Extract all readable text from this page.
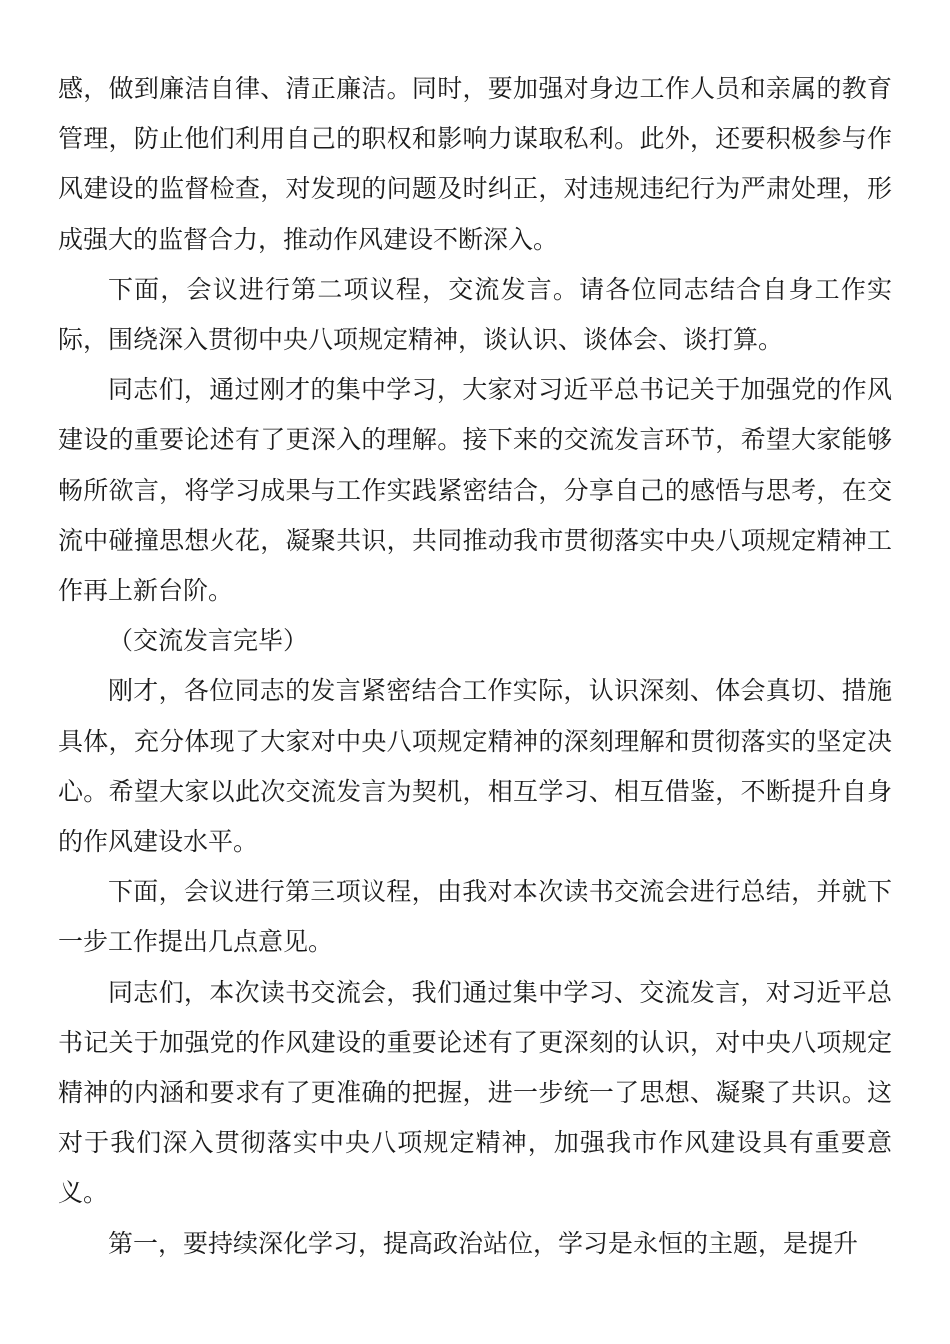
感，做到廉洁自律、清正廉洁。同时，要加强对身边工作人员和亲属的教育管理，防止他们利用自己的职权和影响力谋取私利。此外，还要积极参与作风建设的监督检查，对发现的问题及时纠正，对违规违纪行为严肃处理，形成强大的监督合力，推动作风建设不断深入。

下面，会议进行第二项议程，交流发言。请各位同志结合自身工作实际，围绕深入贯彻中央八项规定精神，谈认识、谈体会、谈打算。

同志们，通过刚才的集中学习，大家对习近平总书记关于加强党的作风建设的重要论述有了更深入的理解。接下来的交流发言环节，希望大家能够畅所欲言，将学习成果与工作实践紧密结合，分享自己的感悟与思考，在交流中碰撞思想火花，凝聚共识，共同推动我市贯彻落实中央八项规定精神工作再上新台阶。

（交流发言完毕）

刚才，各位同志的发言紧密结合工作实际，认识深刻、体会真切、措施具体，充分体现了大家对中央八项规定精神的深刻理解和贯彻落实的坚定决心。希望大家以此次交流发言为契机，相互学习、相互借鉴，不断提升自身的作风建设水平。

下面，会议进行第三项议程，由我对本次读书交流会进行总结，并就下一步工作提出几点意见。

同志们，本次读书交流会，我们通过集中学习、交流发言，对习近平总书记关于加强党的作风建设的重要论述有了更深刻的认识，对中央八项规定精神的内涵和要求有了更准确的把握，进一步统一了思想、凝聚了共识。这对于我们深入贯彻落实中央八项规定精神，加强我市作风建设具有重要意义。

第一，要持续深化学习，提高政治站位，学习是永恒的主题，是提升
